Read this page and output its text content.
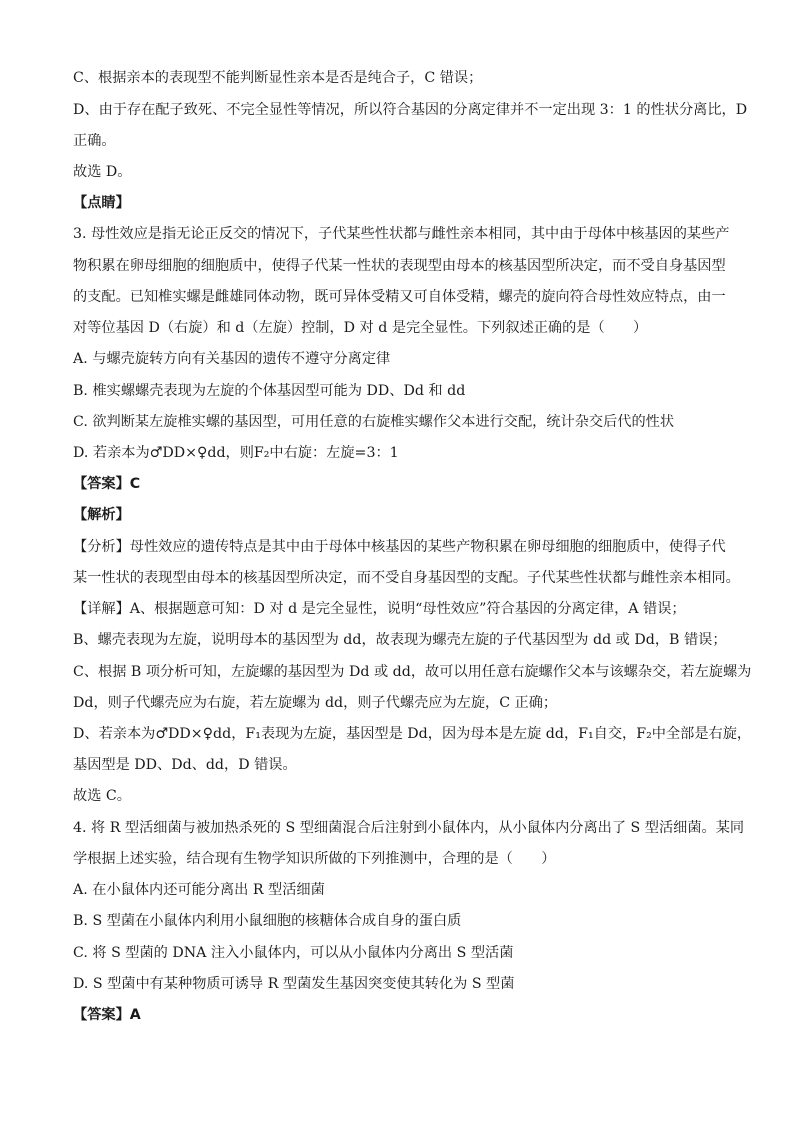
C、根据亲本的表现型不能判断显性亲本是否是纯合子，C 错误；
D、由于存在配子致死、不完全显性等情况，所以符合基因的分离定律并不一定出现 3：1 的性状分离比，D
正确。
故选 D。
【点睛】
3. 母性效应是指无论正反交的情况下，子代某些性状都与雌性亲本相同，其中由于母体中核基因的某些产
物积累在卵母细胞的细胞质中，使得子代某一性状的表现型由母本的核基因型所决定，而不受自身基因型
的支配。已知椎实螺是雌雄同体动物，既可异体受精又可自体受精，螺壳的旋向符合母性效应特点，由一
对等位基因 D（右旋）和 d（左旋）控制，D 对 d 是完全显性。下列叙述正确的是（　　）
A. 与螺壳旋转方向有关基因的遗传不遵守分离定律
B. 椎实螺螺壳表现为左旋的个体基因型可能为 DD、Dd 和 dd
C. 欲判断某左旋椎实螺的基因型，可用任意的右旋椎实螺作父本进行交配，统计杂交后代的性状
D. 若亲本为♂DD×♀dd，则F₂中右旋：左旋=3：1
【答案】C
【解析】
【分析】母性效应的遗传特点是其中由于母体中核基因的某些产物积累在卵母细胞的细胞质中，使得子代
某一性状的表现型由母本的核基因型所决定，而不受自身基因型的支配。子代某些性状都与雌性亲本相同。
【详解】A、根据题意可知：D 对 d 是完全显性，说明“母性效应”符合基因的分离定律，A 错误；
B、螺壳表现为左旋，说明母本的基因型为 dd，故表现为螺壳左旋的子代基因型为 dd 或 Dd，B 错误；
C、根据 B 项分析可知，左旋螺的基因型为 Dd 或 dd，故可以用任意右旋螺作父本与该螺杂交，若左旋螺为
Dd，则子代螺壳应为右旋，若左旋螺为 dd，则子代螺壳应为左旋，C 正确；
D、若亲本为♂DD×♀dd，F₁表现为左旋，基因型是 Dd，因为母本是左旋 dd，F₁自交，F₂中全部是右旋，
基因型是 DD、Dd、dd，D 错误。
故选 C。
4. 将 R 型活细菌与被加热杀死的 S 型细菌混合后注射到小鼠体内，从小鼠体内分离出了 S 型活细菌。某同
学根据上述实验，结合现有生物学知识所做的下列推测中，合理的是（　　）
A. 在小鼠体内还可能分离出 R 型活细菌
B. S 型菌在小鼠体内利用小鼠细胞的核糖体合成自身的蛋白质
C. 将 S 型菌的 DNA 注入小鼠体内，可以从小鼠体内分离出 S 型活菌
D. S 型菌中有某种物质可诱导 R 型菌发生基因突变使其转化为 S 型菌
【答案】A
